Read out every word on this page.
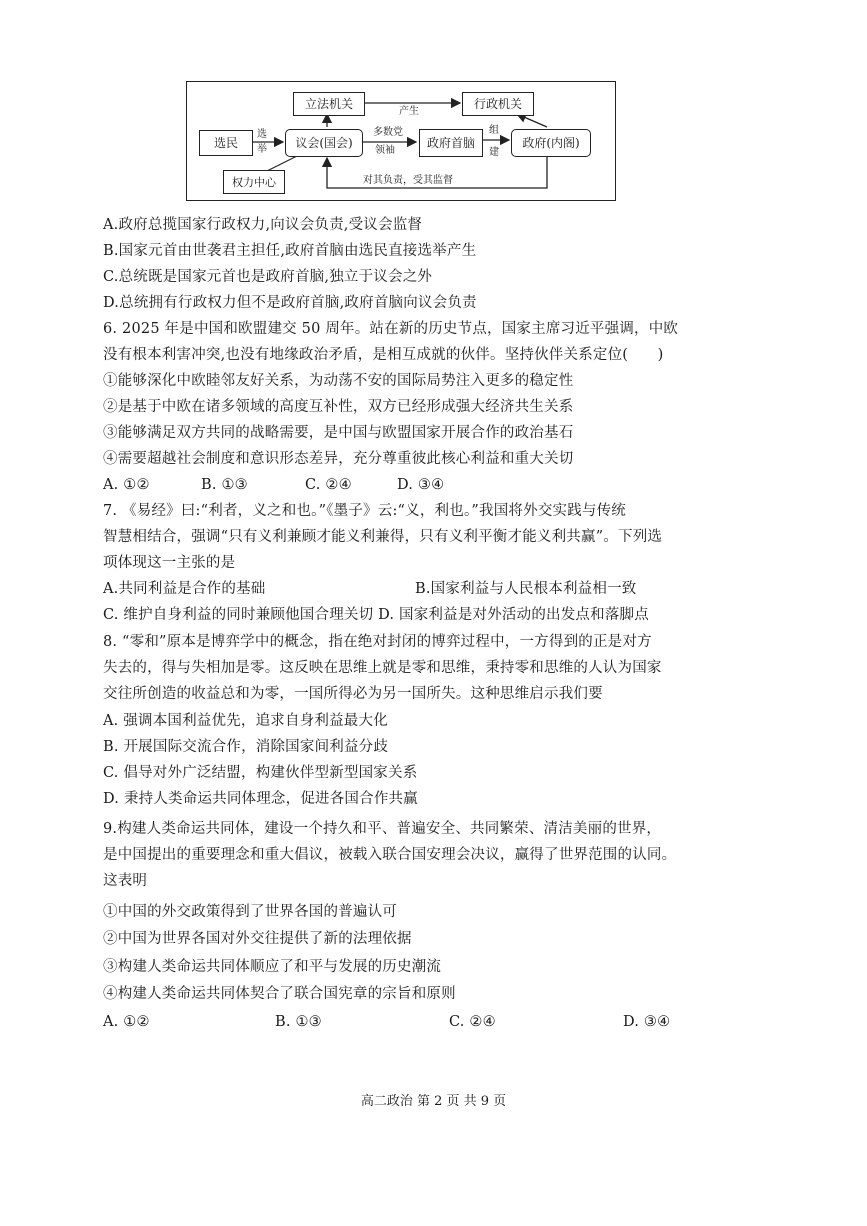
立法机关	行政机关
选民	议会(国会)	政府首脑	政府(内阁)
权力中心
产生
选
举
多数党
领袖
组
建
对其负责，受其监督
A.政府总揽国家行政权力,向议会负责,受议会监督
B.国家元首由世袭君主担任,政府首脑由选民直接选举产生
C.总统既是国家元首也是政府首脑,独立于议会之外
D.总统拥有行政权力但不是政府首脑,政府首脑向议会负责
6. 2025 年是中国和欧盟建交 50 周年。站在新的历史节点，国家主席习近平强调，中欧
没有根本利害冲突,也没有地缘政治矛盾，是相互成就的伙伴。坚持伙伴关系定位(　　)
①能够深化中欧睦邻友好关系，为动荡不安的国际局势注入更多的稳定性
②是基于中欧在诸多领域的高度互补性，双方已经形成强大经济共生关系
③能够满足双方共同的战略需要，是中国与欧盟国家开展合作的政治基石
④需要超越社会制度和意识形态差异，充分尊重彼此核心利益和重大关切
A. ①②	B. ①③	C. ②④	D. ③④
7. 《易经》曰:“利者，义之和也。”《墨子》云:“义，利也。”我国将外交实践与传统
智慧相结合，强调“只有义利兼顾才能义利兼得，只有义利平衡才能义利共赢”。下列选
项体现这一主张的是
A.共同利益是合作的基础	B.国家利益与人民根本利益相一致
C. 维护自身利益的同时兼顾他国合理关切 D. 国家利益是对外活动的出发点和落脚点
8. “零和”原本是博弈学中的概念，指在绝对封闭的博弈过程中，一方得到的正是对方
失去的，得与失相加是零。这反映在思维上就是零和思维，秉持零和思维的人认为国家
交往所创造的收益总和为零，一国所得必为另一国所失。这种思维启示我们要
A. 强调本国利益优先，追求自身利益最大化
B. 开展国际交流合作，消除国家间利益分歧
C. 倡导对外广泛结盟，构建伙伴型新型国家关系
D. 秉持人类命运共同体理念，促进各国合作共赢
9.构建人类命运共同体，建设一个持久和平、普遍安全、共同繁荣、清洁美丽的世界，
是中国提出的重要理念和重大倡议，被载入联合国安理会决议，赢得了世界范围的认同。
这表明
①中国的外交政策得到了世界各国的普遍认可
②中国为世界各国对外交往提供了新的法理依据
③构建人类命运共同体顺应了和平与发展的历史潮流
④构建人类命运共同体契合了联合国宪章的宗旨和原则
A. ①②	B. ①③	C. ②④	D. ③④
高二政治 第 2 页 共 9 页
